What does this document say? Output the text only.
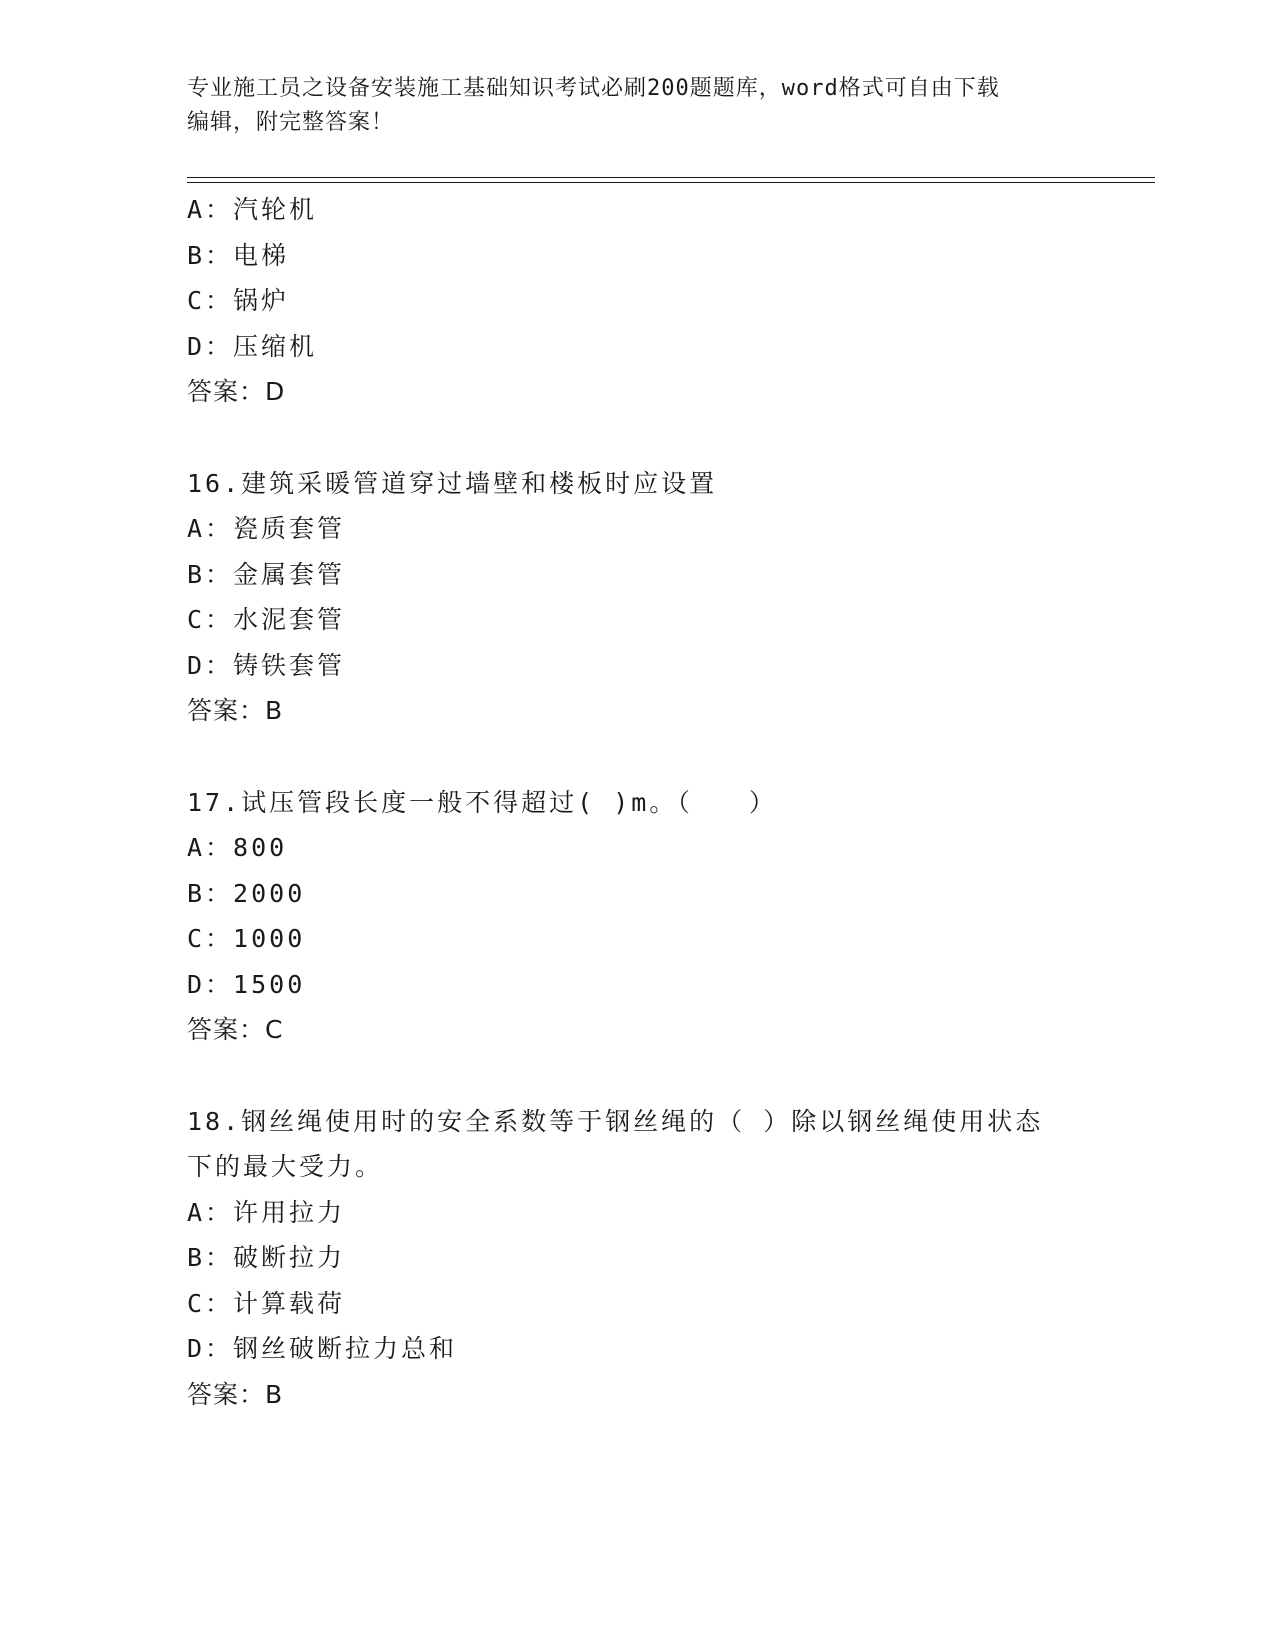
专业施工员之设备安装施工基础知识考试必刷200题题库，word格式可自由下载
编辑，附完整答案！
A：汽轮机
B：电梯
C：锅炉
D：压缩机
答案：D
16.建筑采暖管道穿过墙壁和楼板时应设置
A：瓷质套管
B：金属套管
C：水泥套管
D：铸铁套管
答案：B
17.试压管段长度一般不得超过( )m。（　　）
A：800
B：2000
C：1000
D：1500
答案：C
18.钢丝绳使用时的安全系数等于钢丝绳的（ ）除以钢丝绳使用状态
下的最大受力。
A：许用拉力
B：破断拉力
C：计算载荷
D：钢丝破断拉力总和
答案：B
